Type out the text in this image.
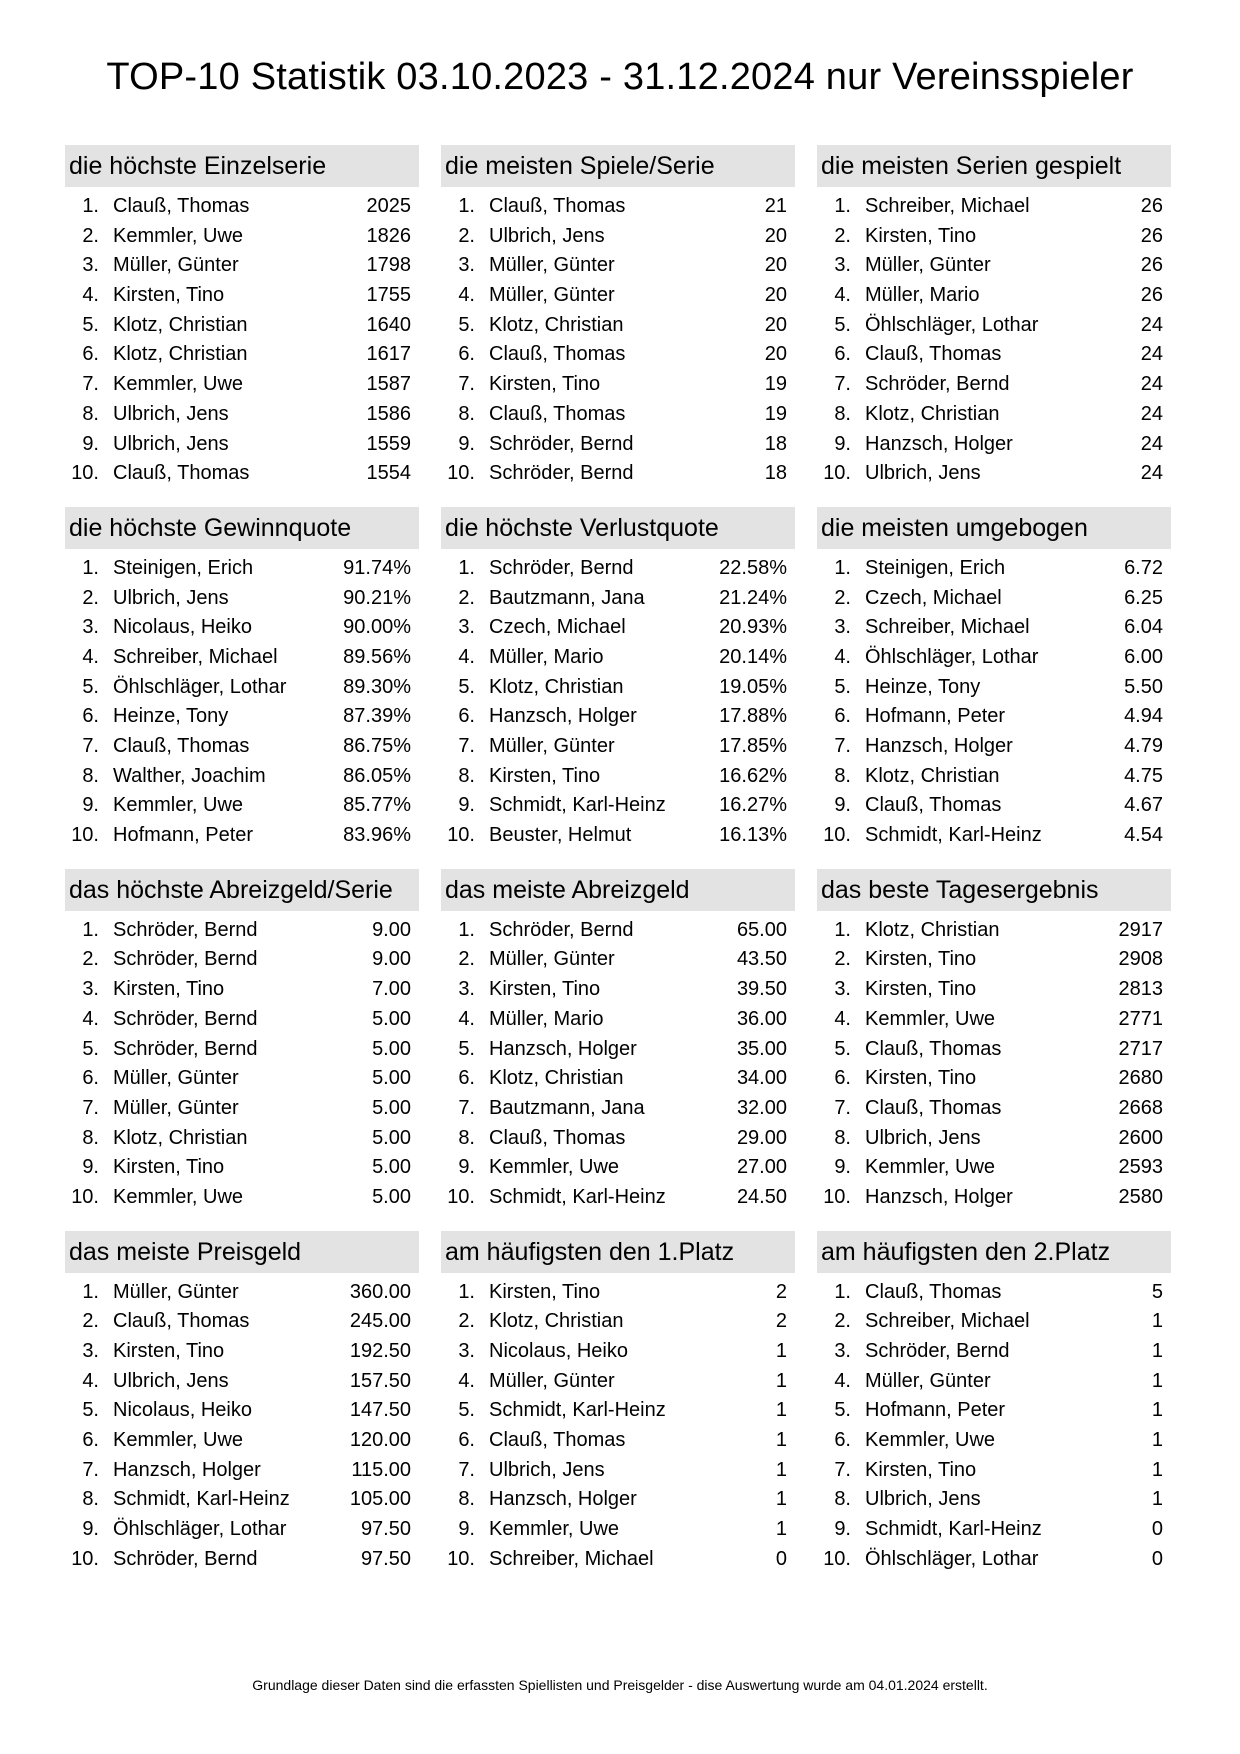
TOP-10 Statistik 03.10.2023 - 31.12.2024 nur Vereinsspieler
die höchste Einzelserie
1. Clauß, Thomas	2025
2. Kemmler, Uwe	1826
3. Müller, Günter	1798
4. Kirsten, Tino	1755
5. Klotz, Christian	1640
6. Klotz, Christian	1617
7. Kemmler, Uwe	1587
8. Ulbrich, Jens	1586
9. Ulbrich, Jens	1559
10. Clauß, Thomas	1554
die meisten Spiele/Serie
1. Clauß, Thomas	21
2. Ulbrich, Jens	20
3. Müller, Günter	20
4. Müller, Günter	20
5. Klotz, Christian	20
6. Clauß, Thomas	20
7. Kirsten, Tino	19
8. Clauß, Thomas	19
9. Schröder, Bernd	18
10. Schröder, Bernd	18
die meisten Serien gespielt
1. Schreiber, Michael	26
2. Kirsten, Tino	26
3. Müller, Günter	26
4. Müller, Mario	26
5. Öhlschläger, Lothar	24
6. Clauß, Thomas	24
7. Schröder, Bernd	24
8. Klotz, Christian	24
9. Hanzsch, Holger	24
10. Ulbrich, Jens	24
die höchste Gewinnquote
1. Steinigen, Erich	91.74%
2. Ulbrich, Jens	90.21%
3. Nicolaus, Heiko	90.00%
4. Schreiber, Michael	89.56%
5. Öhlschläger, Lothar	89.30%
6. Heinze, Tony	87.39%
7. Clauß, Thomas	86.75%
8. Walther, Joachim	86.05%
9. Kemmler, Uwe	85.77%
10. Hofmann, Peter	83.96%
die höchste Verlustquote
1. Schröder, Bernd	22.58%
2. Bautzmann, Jana	21.24%
3. Czech, Michael	20.93%
4. Müller, Mario	20.14%
5. Klotz, Christian	19.05%
6. Hanzsch, Holger	17.88%
7. Müller, Günter	17.85%
8. Kirsten, Tino	16.62%
9. Schmidt, Karl-Heinz	16.27%
10. Beuster, Helmut	16.13%
die meisten umgebogen
1. Steinigen, Erich	6.72
2. Czech, Michael	6.25
3. Schreiber, Michael	6.04
4. Öhlschläger, Lothar	6.00
5. Heinze, Tony	5.50
6. Hofmann, Peter	4.94
7. Hanzsch, Holger	4.79
8. Klotz, Christian	4.75
9. Clauß, Thomas	4.67
10. Schmidt, Karl-Heinz	4.54
das höchste Abreizgeld/Serie
1. Schröder, Bernd	9.00
2. Schröder, Bernd	9.00
3. Kirsten, Tino	7.00
4. Schröder, Bernd	5.00
5. Schröder, Bernd	5.00
6. Müller, Günter	5.00
7. Müller, Günter	5.00
8. Klotz, Christian	5.00
9. Kirsten, Tino	5.00
10. Kemmler, Uwe	5.00
das meiste Abreizgeld
1. Schröder, Bernd	65.00
2. Müller, Günter	43.50
3. Kirsten, Tino	39.50
4. Müller, Mario	36.00
5. Hanzsch, Holger	35.00
6. Klotz, Christian	34.00
7. Bautzmann, Jana	32.00
8. Clauß, Thomas	29.00
9. Kemmler, Uwe	27.00
10. Schmidt, Karl-Heinz	24.50
das beste Tagesergebnis
1. Klotz, Christian	2917
2. Kirsten, Tino	2908
3. Kirsten, Tino	2813
4. Kemmler, Uwe	2771
5. Clauß, Thomas	2717
6. Kirsten, Tino	2680
7. Clauß, Thomas	2668
8. Ulbrich, Jens	2600
9. Kemmler, Uwe	2593
10. Hanzsch, Holger	2580
das meiste Preisgeld
1. Müller, Günter	360.00
2. Clauß, Thomas	245.00
3. Kirsten, Tino	192.50
4. Ulbrich, Jens	157.50
5. Nicolaus, Heiko	147.50
6. Kemmler, Uwe	120.00
7. Hanzsch, Holger	115.00
8. Schmidt, Karl-Heinz	105.00
9. Öhlschläger, Lothar	97.50
10. Schröder, Bernd	97.50
am häufigsten den 1.Platz
1. Kirsten, Tino	2
2. Klotz, Christian	2
3. Nicolaus, Heiko	1
4. Müller, Günter	1
5. Schmidt, Karl-Heinz	1
6. Clauß, Thomas	1
7. Ulbrich, Jens	1
8. Hanzsch, Holger	1
9. Kemmler, Uwe	1
10. Schreiber, Michael	0
am häufigsten den 2.Platz
1. Clauß, Thomas	5
2. Schreiber, Michael	1
3. Schröder, Bernd	1
4. Müller, Günter	1
5. Hofmann, Peter	1
6. Kemmler, Uwe	1
7. Kirsten, Tino	1
8. Ulbrich, Jens	1
9. Schmidt, Karl-Heinz	0
10. Öhlschläger, Lothar	0
Grundlage dieser Daten sind die erfassten Spiellisten und Preisgelder - dise Auswertung wurde am 04.01.2024 erstellt.
